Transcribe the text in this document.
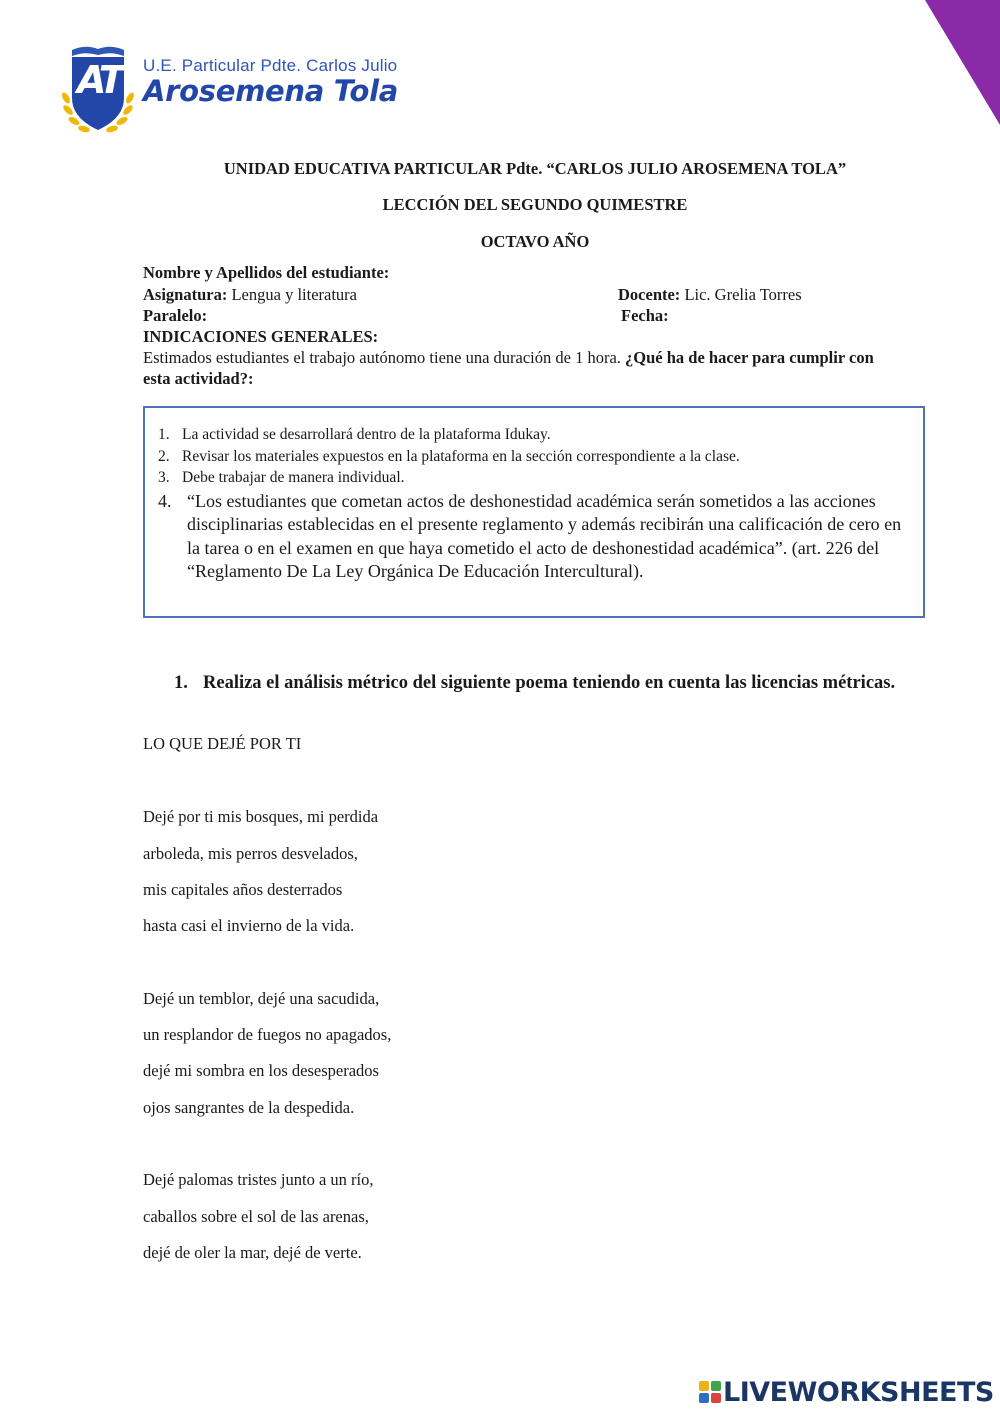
AT U.E. Particular Pdte. Carlos Julio
Arosemena Tola
UNIDAD EDUCATIVA PARTICULAR Pdte. “CARLOS JULIO AROSEMENA TOLA”
LECCIÓN DEL SEGUNDO QUIMESTRE
OCTAVO AÑO
Nombre y Apellidos del estudiante:
Asignatura: Lengua y literatura	Docente: Lic. Grelia Torres
Paralelo:	Fecha:
INDICACIONES GENERALES:
Estimados estudiantes el trabajo autónomo tiene una duración de 1 hora. ¿Qué ha de hacer para cumplir con esta actividad?:
1. La actividad se desarrollará dentro de la plataforma Idukay.
2. Revisar los materiales expuestos en la plataforma en la sección correspondiente a la clase.
3. Debe trabajar de manera individual.
4. “Los estudiantes que cometan actos de deshonestidad académica serán sometidos a las acciones disciplinarias establecidas en el presente reglamento y además recibirán una calificación de cero en la tarea o en el examen en que haya cometido el acto de deshonestidad académica”. (art. 226 del “Reglamento De La Ley Orgánica De Educación Intercultural).
1. Realiza el análisis métrico del siguiente poema teniendo en cuenta las licencias métricas.
LO QUE DEJÉ POR TI
Dejé por ti mis bosques, mi perdida
arboleda, mis perros desvelados,
mis capitales años desterrados
hasta casi el invierno de la vida.
Dejé un temblor, dejé una sacudida,
un resplandor de fuegos no apagados,
dejé mi sombra en los desesperados
ojos sangrantes de la despedida.
Dejé palomas tristes junto a un río,
caballos sobre el sol de las arenas,
dejé de oler la mar, dejé de verte.
LIVEWORKSHEETS
